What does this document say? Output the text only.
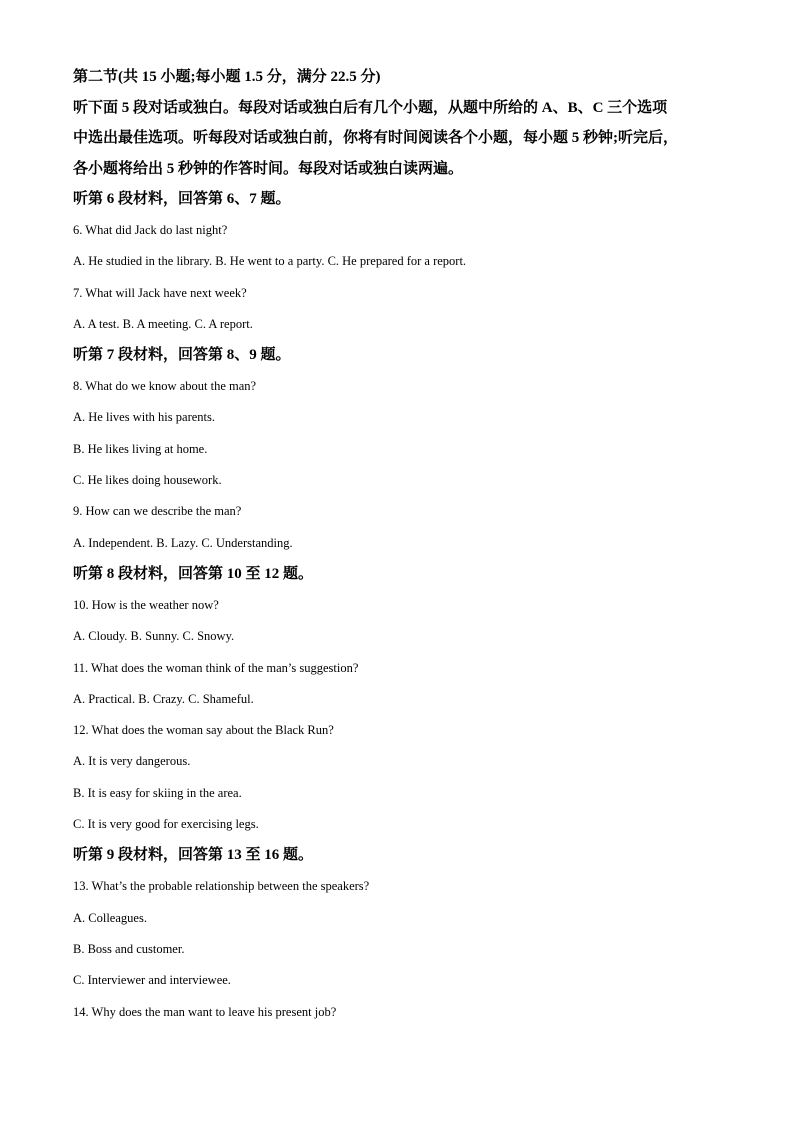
第二节(共 15 小题;每小题 1.5 分，满分 22.5 分)

听下面 5 段对话或独白。每段对话或独白后有几个小题，从题中所给的 A、B、C 三个选项

中选出最佳选项。听每段对话或独白前，你将有时间阅读各个小题，每小题 5 秒钟;听完后，

各小题将给出 5 秒钟的作答时间。每段对话或独白读两遍。

听第 6 段材料，回答第 6、7 题。

6. What did Jack do last night?

A. He studied in the library. B. He went to a party. C. He prepared for a report.

7. What will Jack have next week?

A. A test. B. A meeting. C. A report.

听第 7 段材料，回答第 8、9 题。

8. What do we know about the man?

A. He lives with his parents.

B. He likes living at home.

C. He likes doing housework.

9. How can we describe the man?

A. Independent. B. Lazy. C. Understanding.

听第 8 段材料，回答第 10 至 12 题。

10. How is the weather now?

A. Cloudy. B. Sunny. C. Snowy.

11. What does the woman think of the man’s suggestion?

A. Practical. B. Crazy. C. Shameful.

12. What does the woman say about the Black Run?

A. It is very dangerous.

B. It is easy for skiing in the area.

C. It is very good for exercising legs.

听第 9 段材料，回答第 13 至 16 题。

13. What’s the probable relationship between the speakers?

A. Colleagues.

B. Boss and customer.

C. Interviewer and interviewee.

14. Why does the man want to leave his present job?
